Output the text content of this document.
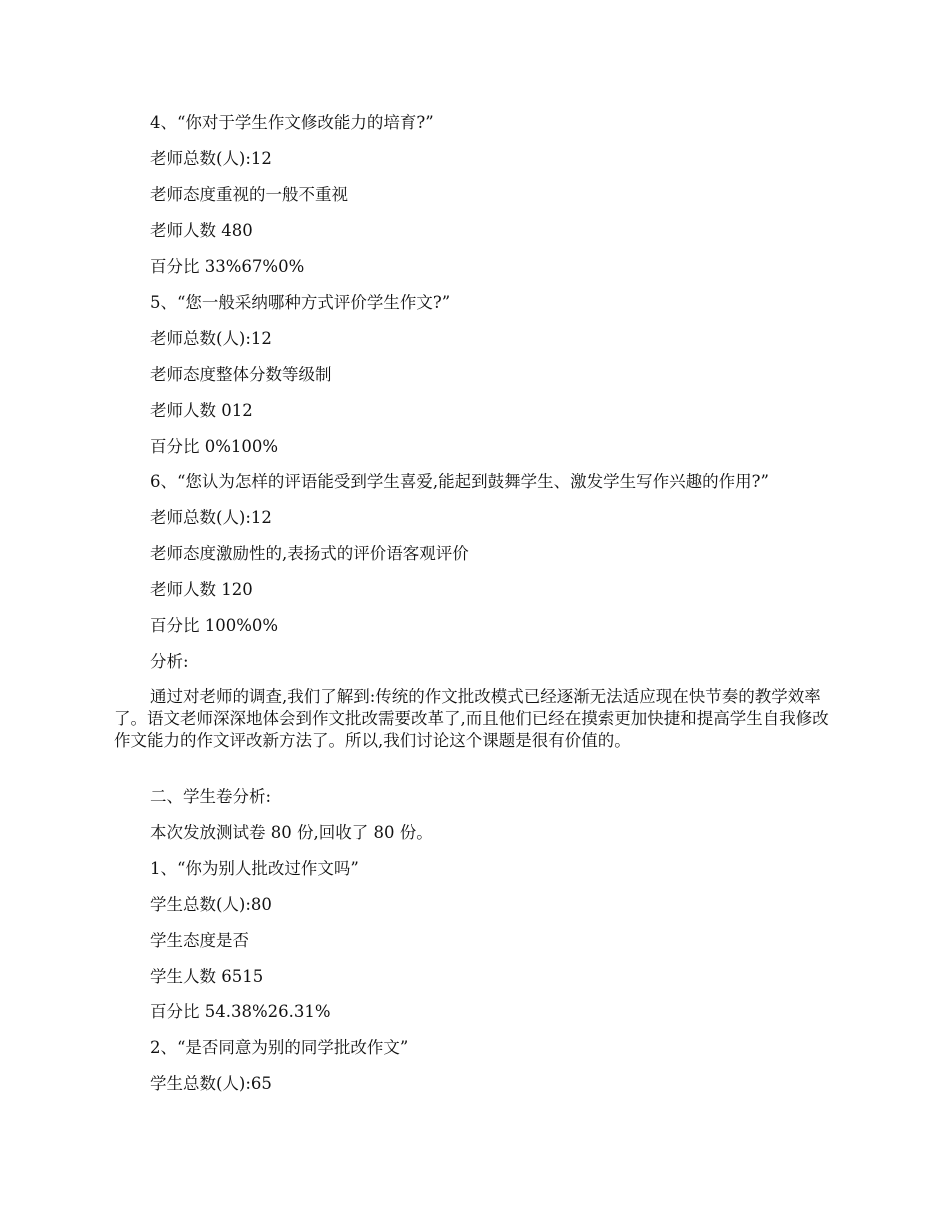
4、“你对于学生作文修改能力的培育?”
老师总数(人):12
老师态度重视的一般不重视
老师人数 480
百分比 33%67%0%
5、“您一般采纳哪种方式评价学生作文?”
老师总数(人):12
老师态度整体分数等级制
老师人数 012
百分比 0%100%
6、“您认为怎样的评语能受到学生喜爱,能起到鼓舞学生、激发学生写作兴趣的作用?”
老师总数(人):12
老师态度激励性的,表扬式的评价语客观评价
老师人数 120
百分比 100%0%
分析:
通过对老师的调查,我们了解到:传统的作文批改模式已经逐渐无法适应现在快节奏的教学效率了。语文老师深深地体会到作文批改需要改革了,而且他们已经在摸索更加快捷和提高学生自我修改作文能力的作文评改新方法了。所以,我们讨论这个课题是很有价值的。
二、学生卷分析:
本次发放测试卷 80 份,回收了 80 份。
1、“你为别人批改过作文吗”
学生总数(人):80
学生态度是否
学生人数 6515
百分比 54.38%26.31%
2、“是否同意为别的同学批改作文”
学生总数(人):65
